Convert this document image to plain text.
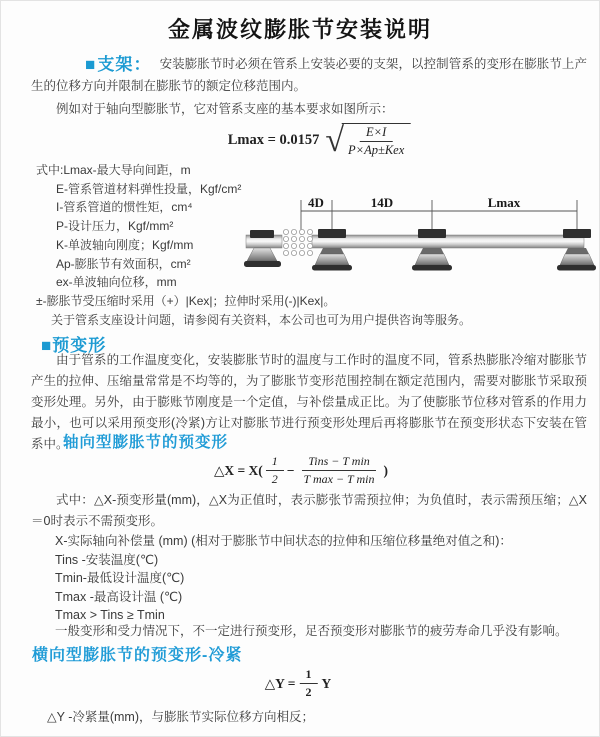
金属波纹膨胀节安装说明

■支架： 安装膨胀节时必须在管系上安装必要的支架，以控制管系的变形在膨胀节上产生的位移方向并限制在膨胀节的额定位移范围内。

例如对于轴向型膨胀节，它对管系支座的基本要求如图所示：

Lmax = 0.0157 √
$\frac{E\times I}{\text{P×Ap±Kex}}$
式中:Lmax-最大导向间距，m
E-管系管道材料弹性投量，Kgf/cm²
I-管系管道的惯性矩，cm⁴
P-设计压力，Kgf/mm²
K-单波轴向刚度；Kgf/mm
Ap-膨胀节有效面积，cm²
ex-单波轴向位移，mm
±-膨胀节受压缩时采用（+）|Kex|；拉伸时采用(-)|Kex|。
关于管系支座设计问题，请参阅有关资料，本公司也可为用户提供咨询等服务。
4D	14D	Lmax
■预变形

由于管系的工作温度变化，安装膨胀节时的温度与工作时的温度不同，管系热膨胀冷缩对膨胀节产生的拉伸、压缩量常常是不均等的，为了膨胀节变形范围控制在额定范围内，需要对膨胀节采取预变形处理。另外，由于膨账节刚度是一个定值，与补偿量成正比。为了使膨胀节位移对管系的作用力最小，也可以采用预变形(冷紧)方让对膨胀节进行预变形处理后再将膨胀节在预变形状态下安装在管系中。

轴向型膨胀节的预变形
△X = $X( \frac{1}{2} - \frac{\text{Tins − T min}}{\text{T max − T min}}$ )

式中：△X-预变形量(mm)，△X为正值时，表示膨张节需预拉伸；为负值时，表示需预压缩；△X＝0时表示不需预变形。

X-实际轴向补偿量 (mm) (相对于膨胀节中间状态的拉伸和压缩位移量绝对值之和)：
Tins -安装温度(℃)
Tmin-最低设计温度(℃)
Tmax -最高设计温 (℃)
Tmax > Tins ≥ Tmin
一般变形和受力情况下，不一定进行预变形，足否预变形对膨胀节的疲劳寿命几乎没有影响。
横向型膨胀节的预变形-冷紧
△Y = $\frac{1}{2}$ Y
△Y -冷紧量(mm)，与膨胀节实际位移方向相反；
